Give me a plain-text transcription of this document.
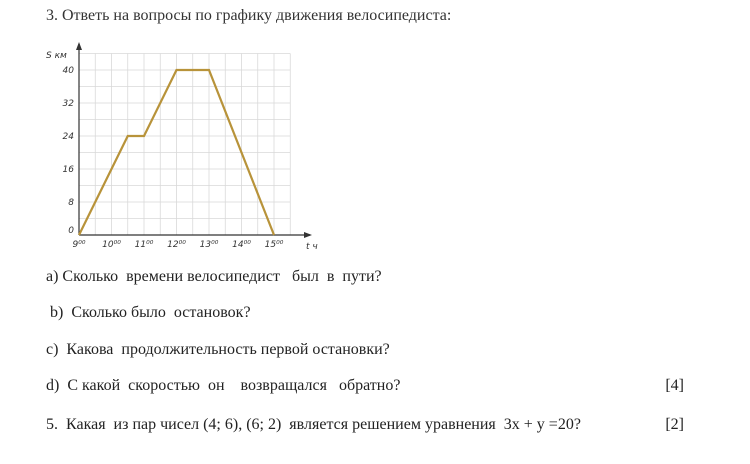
3. Ответь на вопросы по графику движения велосипедиста:
S км
t ч
0
8
16
24
32
40
9⁰⁰ 10⁰⁰ 11⁰⁰ 12⁰⁰ 13⁰⁰ 14⁰⁰ 15⁰⁰
a) Сколько  времени велосипедист   был  в  пути?
b)  Сколько было  остановок?
c)  Какова  продолжительность первой остановки?
d)  С какой  скоростью  он    возвращался   обратно?	[4]
5.  Какая  из пар чисел (4; 6), (6; 2)  является решением уравнения  3х + у =20?	[2]
